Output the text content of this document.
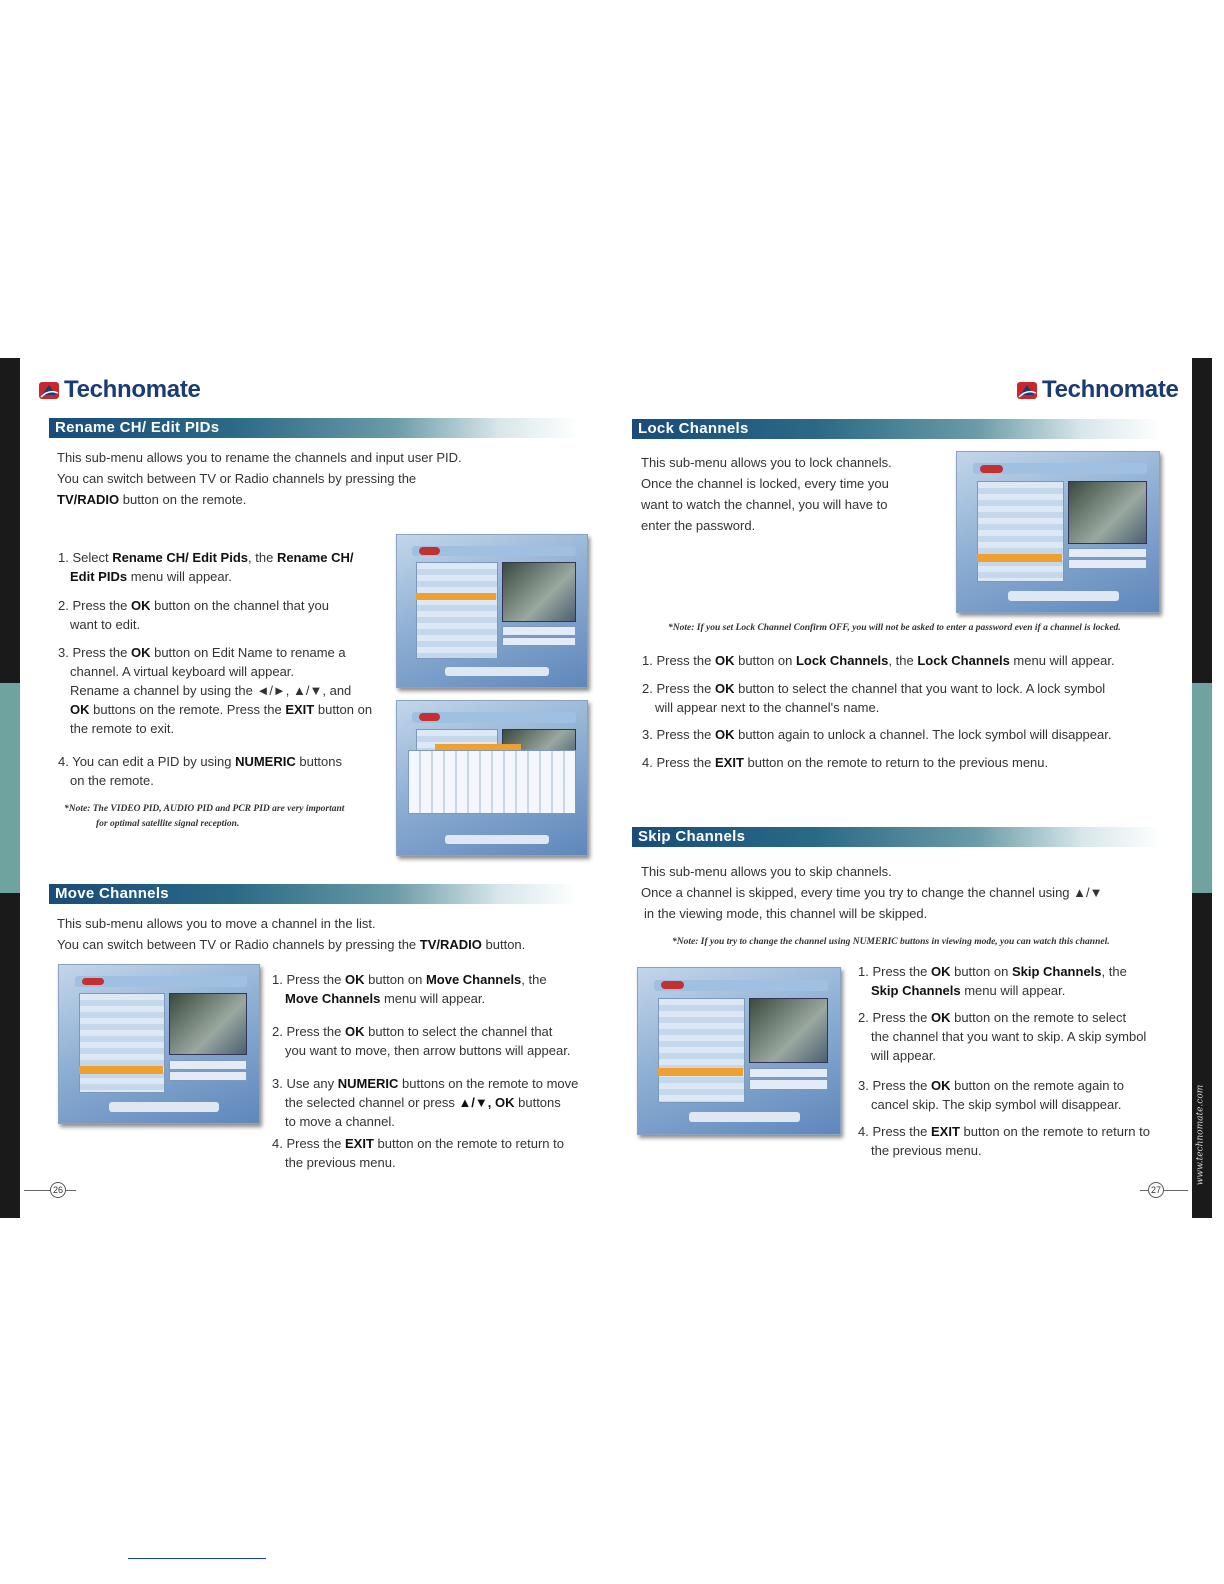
www.technomate.com
Technomate	Technomate
Rename CH/ Edit PIDs
This sub-menu allows you to rename the channels and input user PID.
You can switch between TV or Radio channels by pressing the
TV/RADIO button on the remote.
1. Select Rename CH/ Edit Pids, the Rename CH/
Edit PIDs menu will appear.
2. Press the OK button on the channel that you
want to edit.
3. Press the OK button on Edit Name to rename a
channel. A virtual keyboard will appear.
Rename a channel by using the ◄/►, ▲/▼, and
OK buttons on the remote. Press the EXIT button on
the remote to exit.
4. You can edit a PID by using NUMERIC buttons
on the remote.
*Note: The VIDEO PID, AUDIO PID and PCR PID are very important
for optimal satellite signal reception.
Move Channels
This sub-menu allows you to move a channel in the list.
You can switch between TV or Radio channels by pressing the TV/RADIO button.
1. Press the OK button on Move Channels, the
Move Channels menu will appear.
2. Press the OK button to select the channel that
you want to move, then arrow buttons will appear.
3. Use any NUMERIC buttons on the remote to move
the selected channel or press ▲/▼, OK buttons
to move a channel.
4. Press the EXIT button on the remote to return to
the previous menu.
26
Lock Channels
This sub-menu allows you to lock channels.
Once the channel is locked, every time you
want to watch the channel, you will have to
enter the password.
*Note: If you set Lock Channel Confirm OFF, you will not be asked to enter a password even if a channel is locked.
1. Press the OK button on Lock Channels, the Lock Channels menu will appear.
2. Press the OK button to select the channel that you want to lock. A lock symbol
will appear next to the channel's name.
3. Press the OK button again to unlock a channel. The lock symbol will disappear.
4. Press the EXIT button on the remote to return to the previous menu.
Skip Channels
This sub-menu allows you to skip channels.
Once a channel is skipped, every time you try to change the channel using ▲/▼
in the viewing mode, this channel will be skipped.
*Note: If you try to change the channel using NUMERIC buttons in viewing mode, you can watch this channel.
1. Press the OK button on Skip Channels, the
Skip Channels menu will appear.
2. Press the OK button on the remote to select
the channel that you want to skip. A skip symbol
will appear.
3. Press the OK button on the remote again to
cancel skip. The skip symbol will disappear.
4. Press the EXIT button on the remote to return to
the previous menu.
27
